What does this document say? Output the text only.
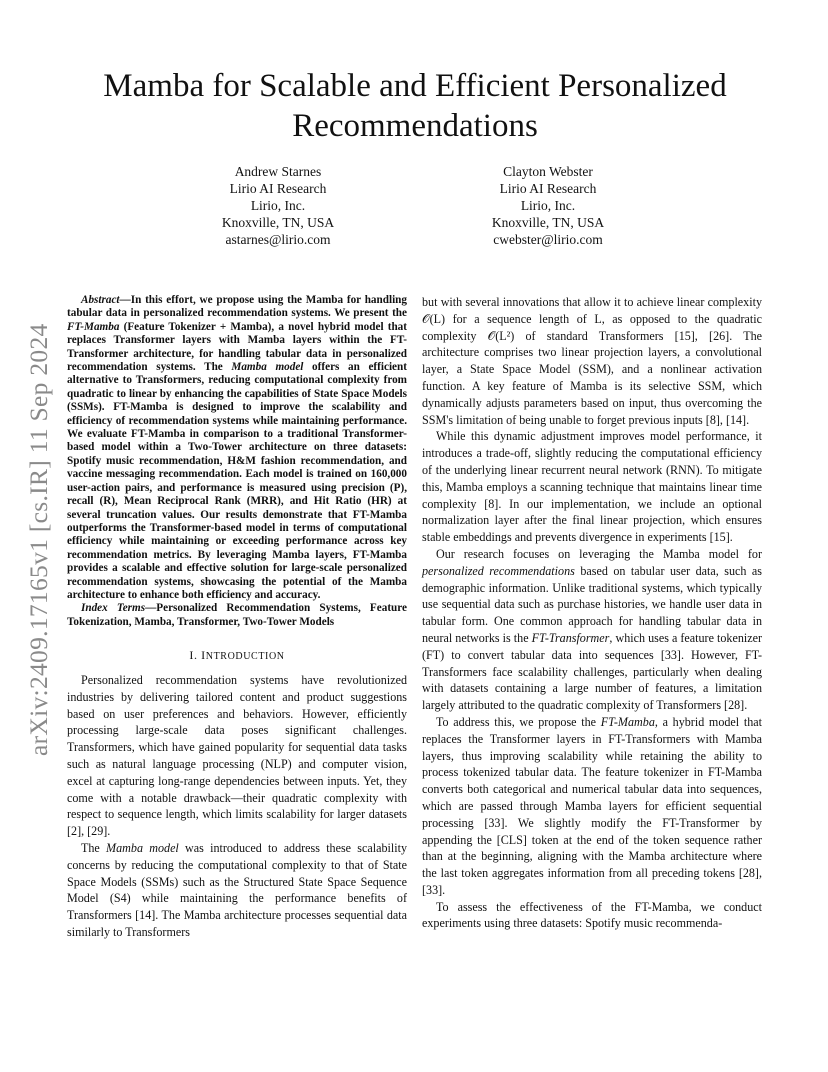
arXiv:2409.17165v1 [cs.IR] 11 Sep 2024
Mamba for Scalable and Efficient Personalized Recommendations
Andrew Starnes
Lirio AI Research
Lirio, Inc.
Knoxville, TN, USA
astarnes@lirio.com
Clayton Webster
Lirio AI Research
Lirio, Inc.
Knoxville, TN, USA
cwebster@lirio.com

Abstract—In this effort, we propose using the Mamba for handling tabular data in personalized recommendation systems. We present the FT-Mamba (Feature Tokenizer + Mamba), a novel hybrid model that replaces Transformer layers with Mamba layers within the FT-Transformer architecture, for handling tabular data in personalized recommendation systems. The Mamba model offers an efficient alternative to Transformers, reducing computational complexity from quadratic to linear by enhancing the capabilities of State Space Models (SSMs). FT-Mamba is designed to improve the scalability and efficiency of recommendation systems while maintaining performance. We evaluate FT-Mamba in comparison to a traditional Transformer-based model within a Two-Tower architecture on three datasets: Spotify music recommendation, H&M fashion recommendation, and vaccine messaging recommendation. Each model is trained on 160,000 user-action pairs, and performance is measured using precision (P), recall (R), Mean Reciprocal Rank (MRR), and Hit Ratio (HR) at several truncation values. Our results demonstrate that FT-Mamba outperforms the Transformer-based model in terms of computational efficiency while maintaining or exceeding performance across key recommendation metrics. By leveraging Mamba layers, FT-Mamba provides a scalable and effective solution for large-scale personalized recommendation systems, showcasing the potential of the Mamba architecture to enhance both efficiency and accuracy.

Index Terms—Personalized Recommendation Systems, Feature Tokenization, Mamba, Transformer, Two-Tower Models

I. INTRODUCTION

Personalized recommendation systems have revolutionized industries by delivering tailored content and product suggestions based on user preferences and behaviors. However, efficiently processing large-scale data poses significant challenges. Transformers, which have gained popularity for sequential data tasks such as natural language processing (NLP) and computer vision, excel at capturing long-range dependencies between inputs. Yet, they come with a notable drawback—their quadratic complexity with respect to sequence length, which limits scalability for larger datasets [2], [29].

The Mamba model was introduced to address these scalability concerns by reducing the computational complexity to that of State Space Models (SSMs) such as the Structured State Space Sequence Model (S4) while maintaining the performance benefits of Transformers [14]. The Mamba architecture processes sequential data similarly to Transformers

but with several innovations that allow it to achieve linear complexity 𝒪(L) for a sequence length of L, as opposed to the quadratic complexity 𝒪(L²) of standard Transformers [15], [26]. The architecture comprises two linear projection layers, a convolutional layer, a State Space Model (SSM), and a nonlinear activation function. A key feature of Mamba is its selective SSM, which dynamically adjusts parameters based on input, thus overcoming the SSM's limitation of being unable to forget previous inputs [8], [14].

While this dynamic adjustment improves model performance, it introduces a trade-off, slightly reducing the computational efficiency of the underlying linear recurrent neural network (RNN). To mitigate this, Mamba employs a scanning technique that maintains linear time complexity [8]. In our implementation, we include an optional normalization layer after the final linear projection, which ensures stable embeddings and prevents divergence in experiments [15].

Our research focuses on leveraging the Mamba model for personalized recommendations based on tabular user data, such as demographic information. Unlike traditional systems, which typically use sequential data such as purchase histories, we handle user data in tabular form. One common approach for handling tabular data in neural networks is the FT-Transformer, which uses a feature tokenizer (FT) to convert tabular data into sequences [33]. However, FT-Transformers face scalability challenges, particularly when dealing with datasets containing a large number of features, a limitation largely attributed to the quadratic complexity of Transformers [28].

To address this, we propose the FT-Mamba, a hybrid model that replaces the Transformer layers in FT-Transformers with Mamba layers, thus improving scalability while retaining the ability to process tokenized tabular data. The feature tokenizer in FT-Mamba converts both categorical and numerical tabular data into sequences, which are passed through Mamba layers for efficient sequential processing [33]. We slightly modify the FT-Transformer by appending the [CLS] token at the end of the token sequence rather than at the beginning, aligning with the Mamba architecture where the last token aggregates information from all preceding tokens [28], [33].

To assess the effectiveness of the FT-Mamba, we conduct experiments using three datasets: Spotify music recommenda-
